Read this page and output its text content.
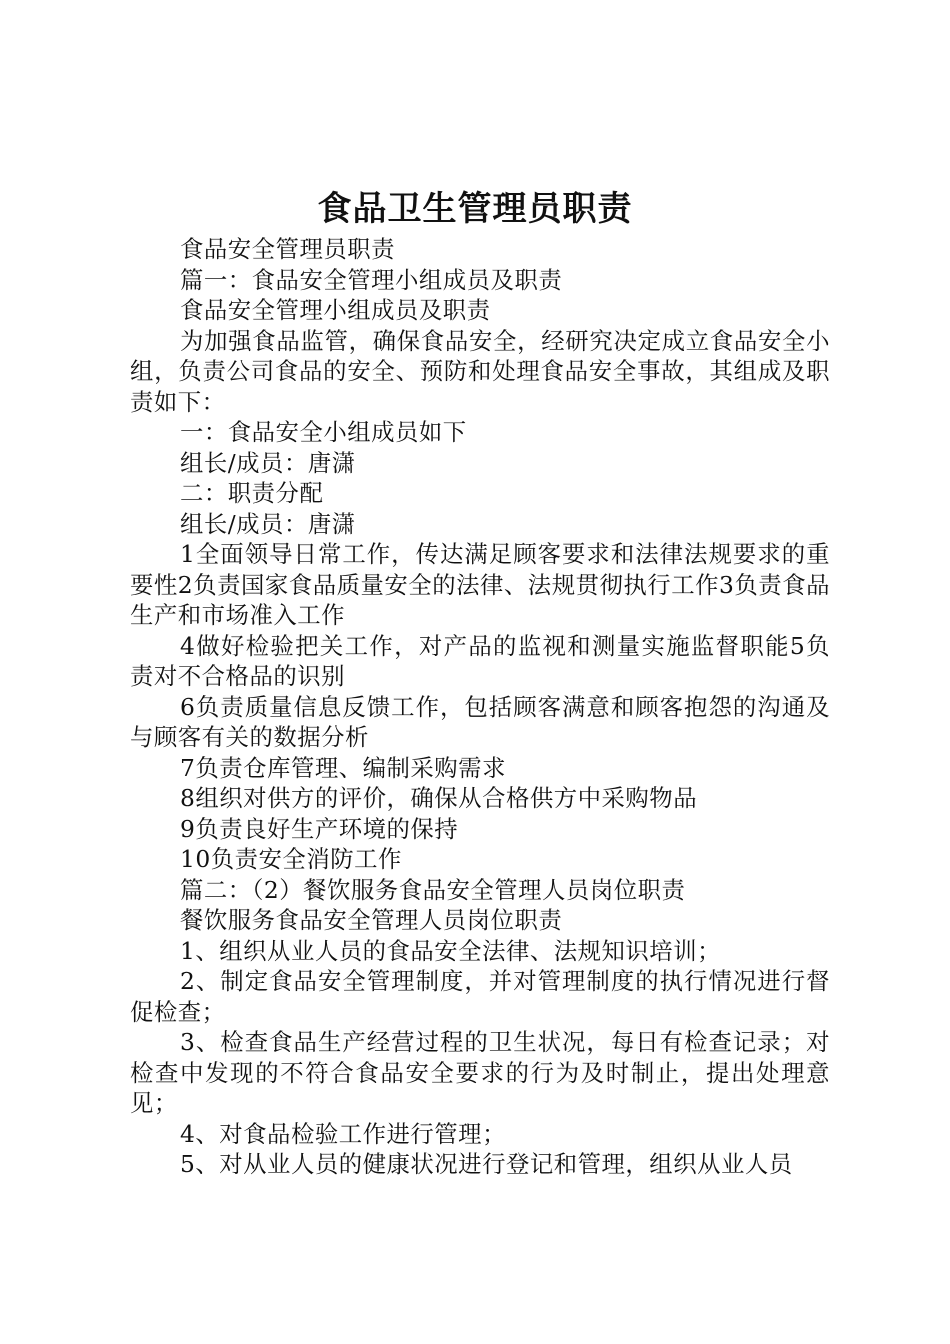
食品卫生管理员职责

食品安全管理员职责

篇一：食品安全管理小组成员及职责

食品安全管理小组成员及职责

为加强食品监管，确保食品安全，经研究决定成立食品安全小组，负责公司食品的安全、预防和处理食品安全事故，其组成及职责如下：

一：食品安全小组成员如下

组长/成员：唐潇

二：职责分配

组长/成员：唐潇

1全面领导日常工作，传达满足顾客要求和法律法规要求的重要性2负责国家食品质量安全的法律、法规贯彻执行工作3负责食品生产和市场准入工作

4做好检验把关工作，对产品的监视和测量实施监督职能5负责对不合格品的识别

6负责质量信息反馈工作，包括顾客满意和顾客抱怨的沟通及与顾客有关的数据分析

7负责仓库管理、编制采购需求

8组织对供方的评价，确保从合格供方中采购物品

9负责良好生产环境的保持

10负责安全消防工作

篇二：（2）餐饮服务食品安全管理人员岗位职责

餐饮服务食品安全管理人员岗位职责

1、组织从业人员的食品安全法律、法规知识培训；

2、制定食品安全管理制度，并对管理制度的执行情况进行督促检查；

3、检查食品生产经营过程的卫生状况，每日有检查记录；对检查中发现的不符合食品安全要求的行为及时制止，提出处理意见；

4、对食品检验工作进行管理；

5、对从业人员的健康状况进行登记和管理，组织从业人员
